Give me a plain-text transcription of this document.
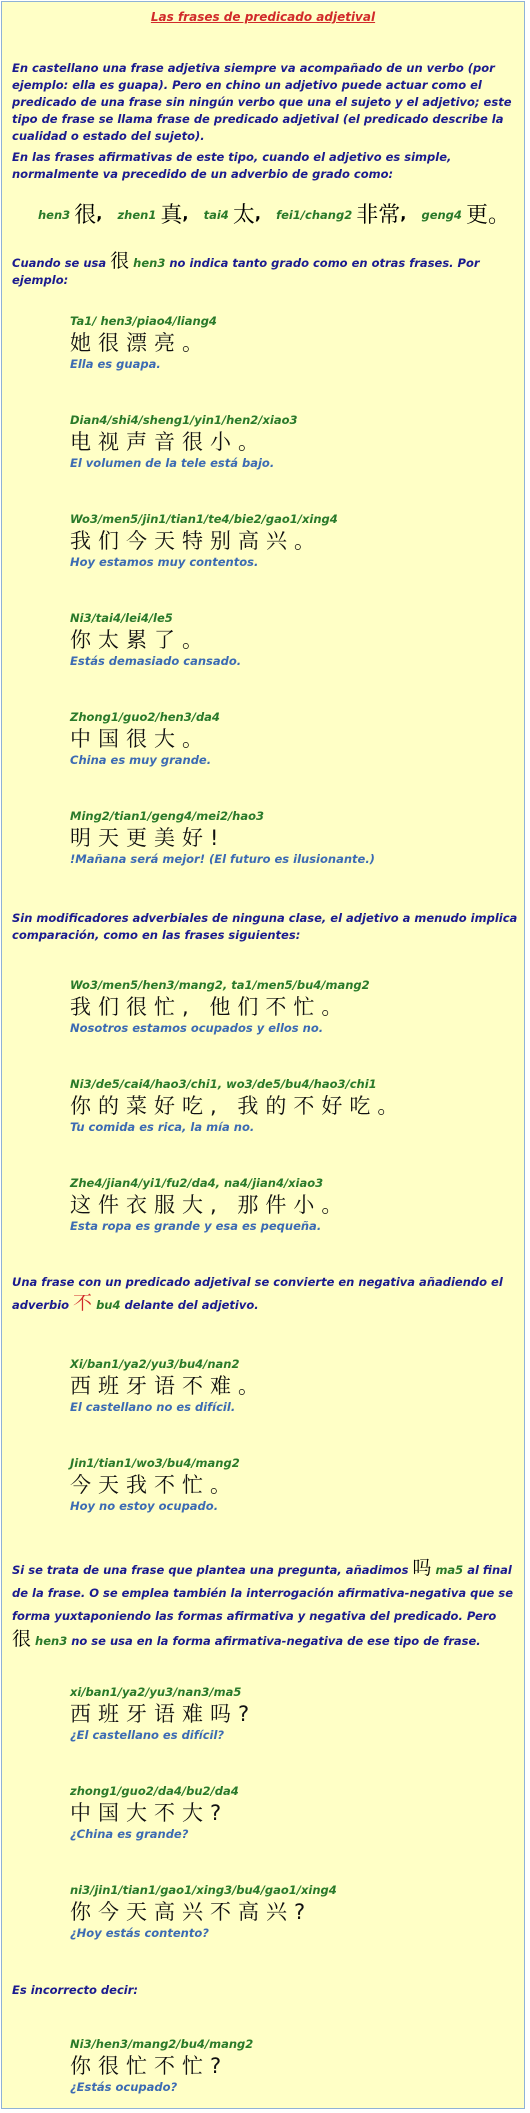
Las frases de predicado adjetival
En castellano una frase adjetiva siempre va acompañado de un verbo (por ejemplo: ella es guapa). Pero en chino un adjetivo puede actuar como el predicado de una frase sin ningún verbo que una el sujeto y el adjetivo; este tipo de frase se llama frase de predicado adjetival (el predicado describe la cualidad o estado del sujeto).
En las frases afirmativas de este tipo, cuando el adjetivo es simple, normalmente va precedido de un adverbio de grado como:
hen3 很,   zhen1 真,   tai4 太,   fei1/chang2 非常,   geng4 更。
Cuando se usa 很 hen3 no indica tanto grado como en otras frases. Por ejemplo:
Ta1/ hen3/piao4/liang4
她很漂亮。
Ella es guapa.
Dian4/shi4/sheng1/yin1/hen2/xiao3
电视声音很小。
El volumen de la tele está bajo.
Wo3/men5/jin1/tian1/te4/bie2/gao1/xing4
我们今天特别高兴。
Hoy estamos muy contentos.
Ni3/tai4/lei4/le5
你太累了。
Estás demasiado cansado.
Zhong1/guo2/hen3/da4
中国很大。
China es muy grande.
Ming2/tian1/geng4/mei2/hao3
明天更美好!
!Mañana será mejor! (El futuro es ilusionante.)
Sin modificadores adverbiales de ninguna clase, el adjetivo a menudo implica comparación, como en las frases siguientes:
Wo3/men5/hen3/mang2, ta1/men5/bu4/mang2
我们很忙, 他们不忙。
Nosotros estamos ocupados y ellos no.
Ni3/de5/cai4/hao3/chi1, wo3/de5/bu4/hao3/chi1
你的菜好吃, 我的不好吃。
Tu comida es rica, la mía no.
Zhe4/jian4/yi1/fu2/da4, na4/jian4/xiao3
这件衣服大, 那件小。
Esta ropa es grande y esa es pequeña.
Una frase con un predicado adjetival se convierte en negativa añadiendo el
adverbio 不 bu4 delante del adjetivo.
Xi/ban1/ya2/yu3/bu4/nan2
西班牙语不难。
El castellano no es difícil.
Jin1/tian1/wo3/bu4/mang2
今天我不忙。
Hoy no estoy ocupado.
Si se trata de una frase que plantea una pregunta, añadimos 吗 ma5 al final de la frase. O se emplea también la interrogación afirmativa-negativa que se forma yuxtaponiendo las formas afirmativa y negativa del predicado. Pero 很 hen3 no se usa en la forma afirmativa-negativa de ese tipo de frase.
xi/ban1/ya2/yu3/nan3/ma5
西班牙语难吗?
¿El castellano es difícil?
zhong1/guo2/da4/bu2/da4
中国大不大?
¿China es grande?
ni3/jin1/tian1/gao1/xing3/bu4/gao1/xing4
你今天高兴不高兴?
¿Hoy estás contento?
Es incorrecto decir:
Ni3/hen3/mang2/bu4/mang2
你很忙不忙?
¿Estás ocupado?
